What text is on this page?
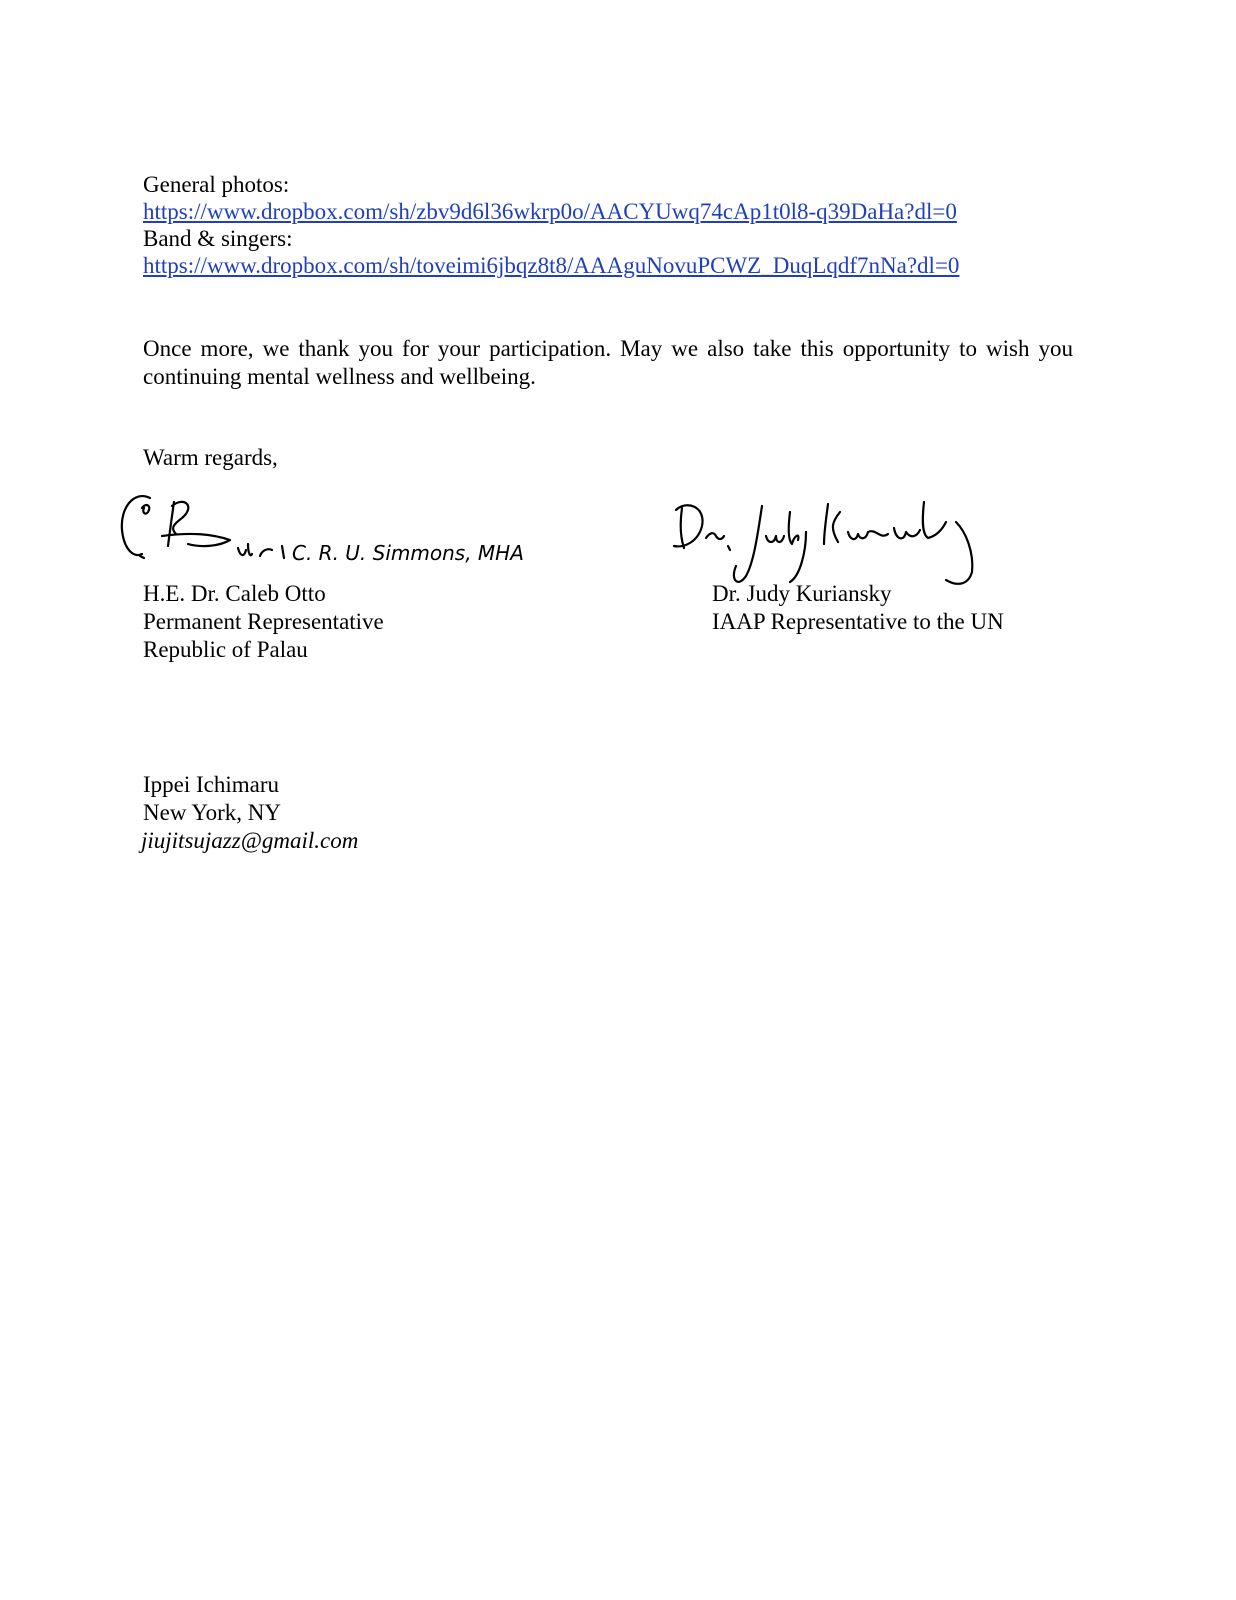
General photos:
https://www.dropbox.com/sh/zbv9d6l36wkrp0o/AACYUwq74cAp1t0l8-q39DaHa?dl=0
Band & singers:
https://www.dropbox.com/sh/toveimi6jbqz8t8/AAAguNovuPCWZ_DuqLqdf7nNa?dl=0
Once more, we thank you for your participation. May we also take this opportunity to wish you continuing mental wellness and wellbeing.
Warm regards,
C. R. U. Simmons, MHA
Dr. Judy Kuriansky
H.E. Dr. Caleb Otto
Permanent Representative
Republic of Palau
Dr. Judy Kuriansky
IAAP Representative to the UN
Ippei Ichimaru
New York, NY
jiujitsujazz@gmail.com
